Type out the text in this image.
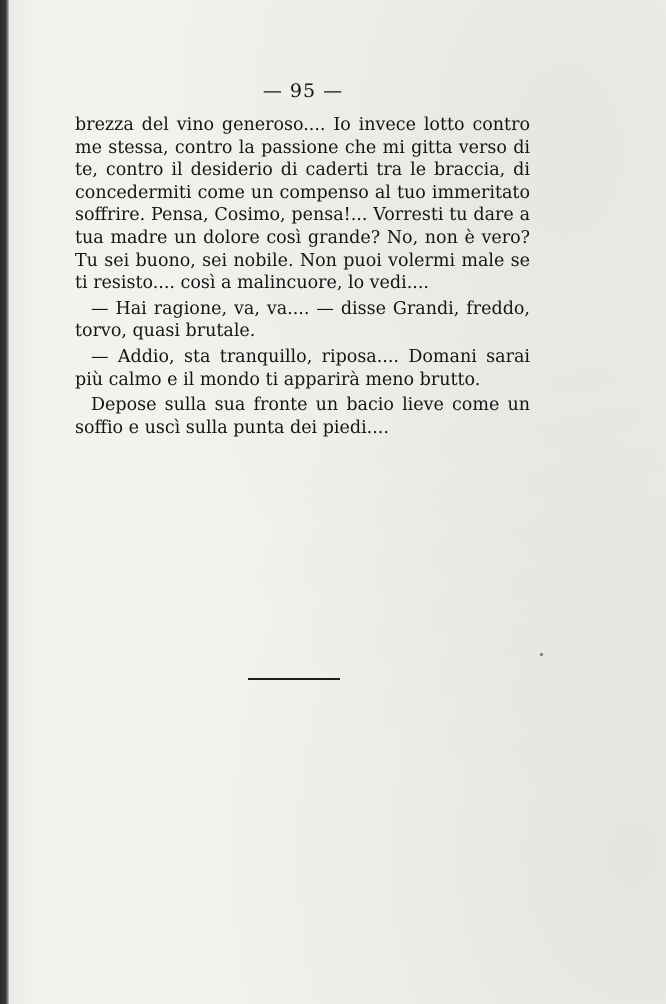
— 95 —

brezza del vino generoso.... Io invece lotto contro me stessa, contro la passione che mi gitta verso di te, contro il desiderio di caderti tra le braccia, di concedermiti come un compenso al tuo immeritato soffrire. Pensa, Cosimo, pensa!... Vorresti tu dare a tua madre un dolore così grande? No, non è vero? Tu sei buono, sei nobile. Non puoi volermi male se ti resisto.... così a malincuore, lo vedi....

— Hai ragione, va, va.... — disse Grandi, freddo, torvo, quasi brutale.

— Addio, sta tranquillo, riposa.... Domani sarai più calmo e il mondo ti apparirà meno brutto.

Depose sulla sua fronte un bacio lieve come un soffio e uscì sulla punta dei piedi....
